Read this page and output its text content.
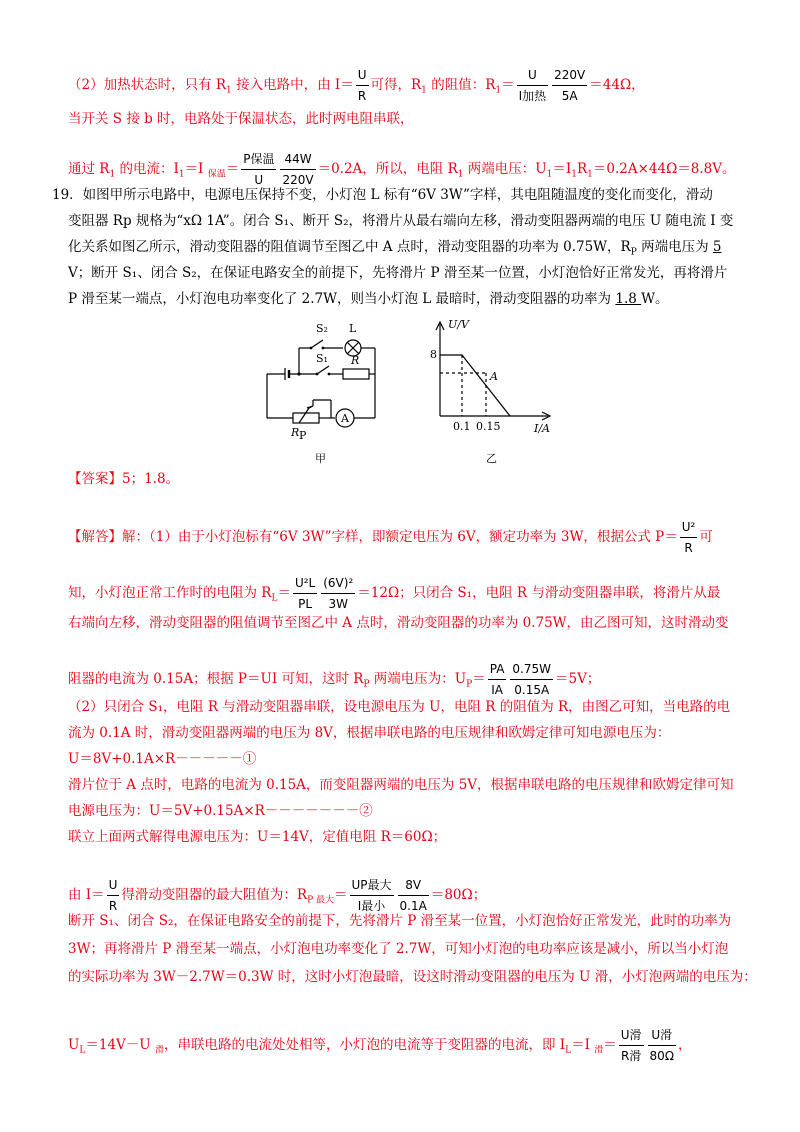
（2）加热状态时，只有 $R_1$ 接入电路中，由 $I= \frac{U}{R}$ 可得，$R_1$ 的阻值：$R_1= \frac{U}{\text{I加热}} \frac{220V}{5A} =44\Omega$，
当开关 S 接 b 时，电路处于保温状态，此时两电阻串联，
通过 $R_1$ 的电流：$I_1=I$ $_{保温}= \frac{\text{P保温}}{U} \frac{44W}{220V} =0.2A$，所以，电阻 $R_1$ 两端电压：$U_1=I_1R_1=0.2A\times 44\Omega=8.8V$。
19．如图甲所示电路中，电源电压保持不变，小灯泡 L 标有“6V 3W”字样，其电阻随温度的变化而变化，滑动
变阻器 Rp 规格为“xΩ 1A”。闭合 S₁、断开 S₂，将滑片从最右端向左移，滑动变阻器两端的电压 U 随电流 I 变
化关系如图乙所示，滑动变阻器的阻值调节至图乙中 A 点时，滑动变阻器的功率为 0.75W，$R_P$ 两端电压为 5
V；断开 S₁、闭合 S₂，在保证电路安全的前提下，先将滑片 P 滑至某一位置，小灯泡恰好正常发光，再将滑片
P 滑至某一端点，小灯泡电功率变化了 2.7W，则当小灯泡 L 最暗时，滑动变阻器的功率为 1.8 W。
S₂ L
S₁ R
R P
A
甲
U/V
8
A
0.1 0.15	I/A
乙
【答案】5；1.8。
【解答】解：（1）由于小灯泡标有“6V 3W”字样，即额定电压为 6V，额定功率为 3W，根据公式 $P= \frac{\text{U²}}{R}$ 可
知，小灯泡正常工作时的电阻为 $R_L= \frac{\text{U²L}}{PL} \frac{\text{(6V)²}}{3W} =12\Omega$；只闭合 S₁，电阻 R 与滑动变阻器串联，将滑片从最
右端向左移，滑动变阻器的阻值调节至图乙中 A 点时，滑动变阻器的功率为 0.75W，由乙图可知，这时滑动变
阻器的电流为 0.15A；根据 P＝UI 可知，这时 $R_P$ 两端电压为：$U_P= \frac{PA}{IA} \frac{0.75W}{0.15A} =5V$；
（2）只闭合 S₁，电阻 R 与滑动变阻器串联，设电源电压为 U，电阻 R 的阻值为 R，由图乙可知，当电路的电
流为 0.1A 时，滑动变阻器两端的电压为 8V，根据串联电路的电压规律和欧姆定律可知电源电压为：
U＝8V+0.1A×R－－－－－①
滑片位于 A 点时，电路的电流为 0.15A，而变阻器两端的电压为 5V，根据串联电路的电压规律和欧姆定律可知
电源电压为：U＝5V+0.15A×R－－－－－－－②
联立上面两式解得电源电压为：U＝14V，定值电阻 R＝60Ω；
由 $I= \frac{U}{R}$ 得滑动变阻器的最大阻值为：$R_{P 最大}= \frac{\text{UP最大}}{\text{I最小}} \frac{8V}{0.1A} =80\Omega$；
断开 S₁、闭合 S₂，在保证电路安全的前提下，先将滑片 P 滑至某一位置，小灯泡恰好正常发光，此时的功率为
3W；再将滑片 P 滑至某一端点，小灯泡电功率变化了 2.7W，可知小灯泡的电功率应该是减小，所以当小灯泡
的实际功率为 3W－2.7W＝0.3W 时，这时小灯泡最暗，设这时滑动变阻器的电压为 U 滑，小灯泡两端的电压为：
$U_L=14V-U$ $_滑$，串联电路的电流处处相等，小灯泡的电流等于变阻器的电流，即 $I_L=I$ $_滑= \frac{\text{U滑}}{\text{R滑}} \frac{\text{U滑}}{80\Omega}$ ，
